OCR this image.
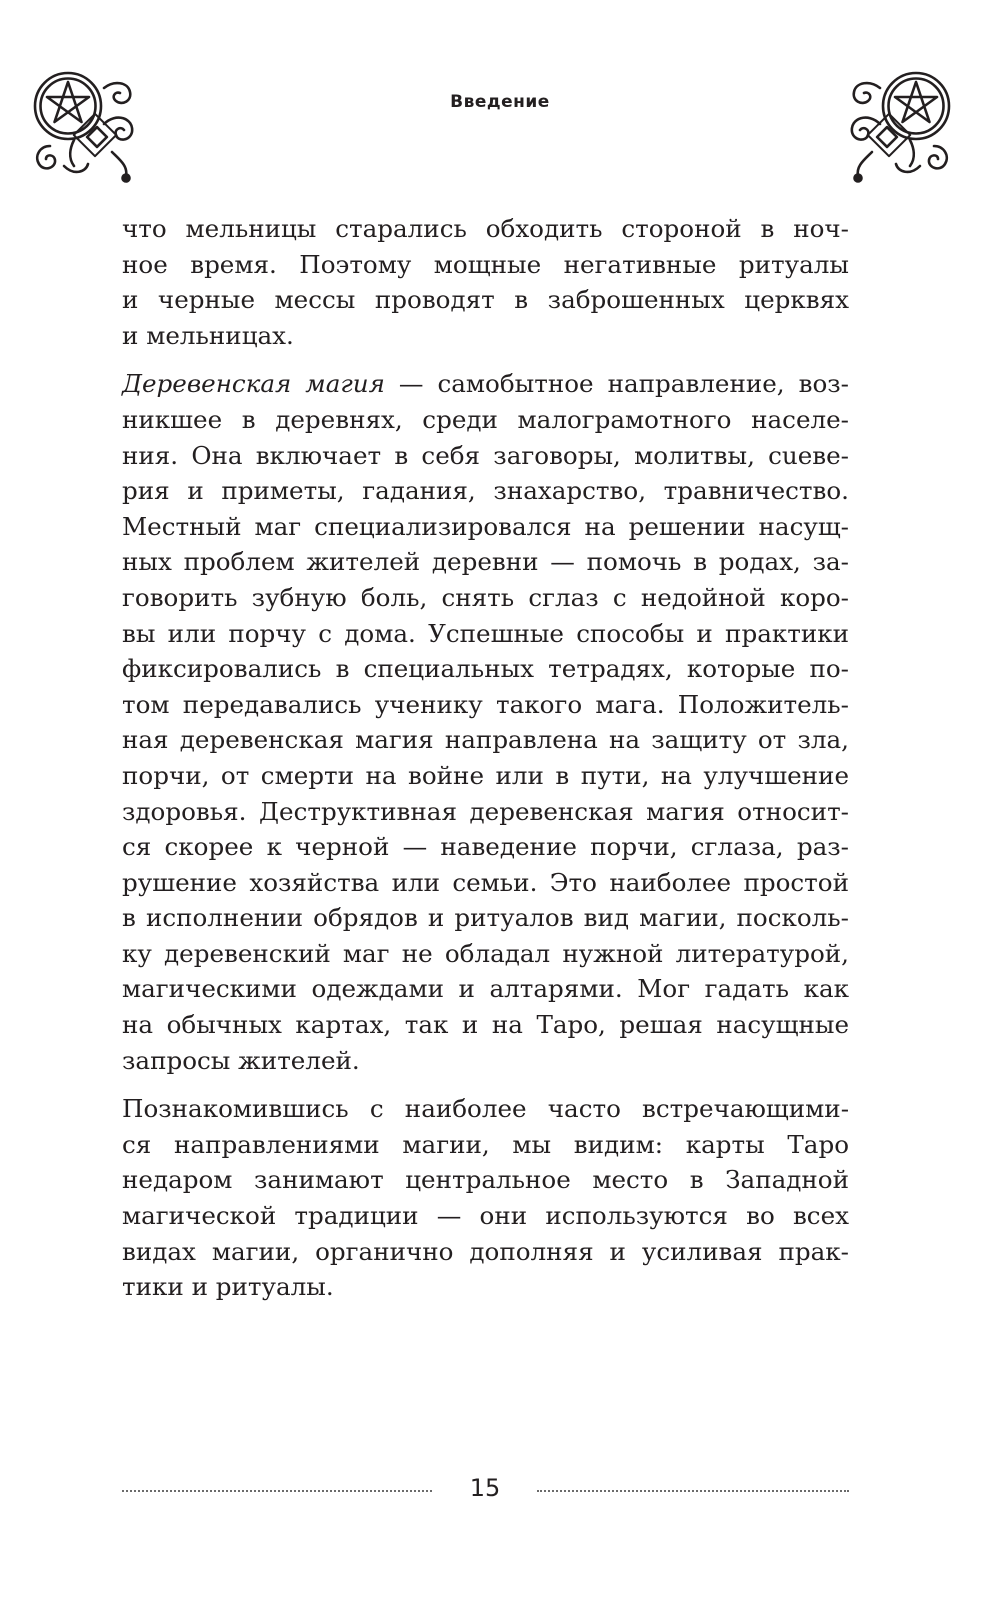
Введение

что мельницы старались обходить стороной в ноч-
ное время. Поэтому мощные негативные ритуалы
и черные мессы проводят в заброшенных церквях
и мельницах.

Деревенская магия — самобытное направление, воз-
никшее в деревнях, среди малограмотного населе-
ния. Она включает в себя заговоры, молитвы, сueве-
рия и приметы, гадания, знахарство, травничество.
Местный маг специализировался на решении насущ-
ных проблем жителей деревни — помочь в родах, за-
говорить зубную боль, снять сглаз с недойной коро-
вы или порчу с дома. Успешные способы и практики
фиксировались в специальных тетрадях, которые по-
том передавались ученику такого мага. Положитель-
ная деревенская магия направлена на защиту от зла,
порчи, от смерти на войне или в пути, на улучшение
здоровья. Деструктивная деревенская магия относит-
ся скорее к черной — наведение порчи, сглаза, раз-
рушение хозяйства или семьи. Это наиболее простой
в исполнении обрядов и ритуалов вид магии, посколь-
ку деревенский маг не обладал нужной литературой,
магическими одеждами и алтарями. Мог гадать как
на обычных картах, так и на Таро, решая насущные
запросы жителей.

Познакомившись с наиболее часто встречающими-
ся направлениями магии, мы видим: карты Таро
недаром занимают центральное место в Западной
магической традиции — они используются во всех
видах магии, органично дополняя и усиливая прак-
тики и ритуалы.

15
